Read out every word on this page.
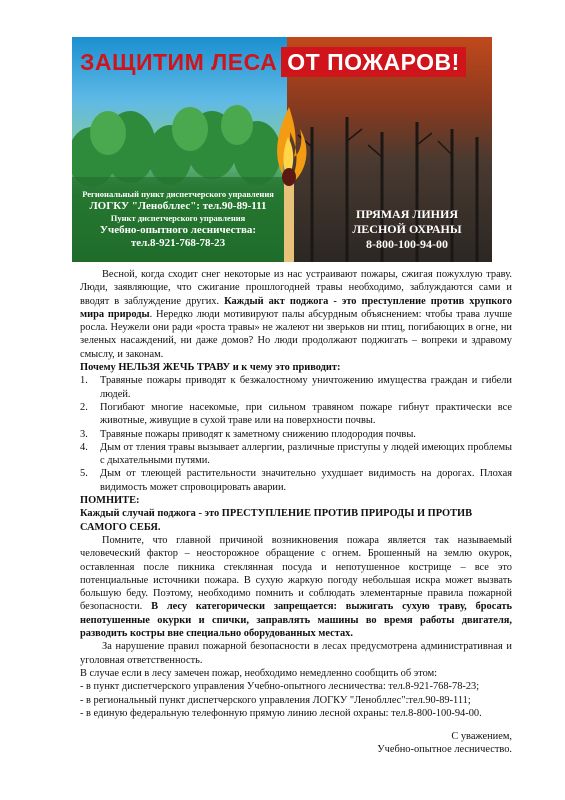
ЗАЩИТИМ ЛЕСА ОТ ПОЖАРОВ!
Региональный пункт диспетчерского управления
ЛОГКУ "Ленобллес": тел.90-89-111
Пункт диспетчерского управления
Учебно-опытного лесничества:
тел.8-921-768-78-23
ПРЯМАЯ ЛИНИЯ
ЛЕСНОЙ ОХРАНЫ
8-800-100-94-00

Весной, когда сходит снег некоторые из нас устраивают пожары, сжигая пожухлую траву. Люди, заявляющие, что сжигание прошлогодней травы необходимо, заблуждаются сами и вводят в заблуждение других. Каждый акт поджога - это преступление против хрупкого мира природы. Нередко люди мотивируют палы абсурдным объяснением: чтобы трава лучше росла. Неужели они ради «роста травы» не жалеют ни зверьков ни птиц, погибающих в огне, ни зеленых насаждений, ни даже домов? Но люди продолжают поджигать – вопреки и здравому смыслу, и законам.

Почему НЕЛЬЗЯ ЖЕЧЬ ТРАВУ и к чему это приводит:

1. Травяные пожары приводят к безжалостному уничтожению имущества граждан и гибели людей.
2. Погибают многие насекомые, при сильном травяном пожаре гибнут практически все животные, живущие в сухой траве или на поверхности почвы.
3. Травяные пожары приводят к заметному снижению плодородия почвы.
4. Дым от тления травы вызывает аллергии, различные приступы у людей имеющих проблемы с дыхательными путями.
5. Дым от тлеющей растительности значительно ухудшает видимость на дорогах. Плохая видимость может спровоцировать аварии.

ПОМНИТЕ:

Каждый случай поджога - это ПРЕСТУПЛЕНИЕ ПРОТИВ ПРИРОДЫ И ПРОТИВ САМОГО СЕБЯ.

Помните, что главной причиной возникновения пожара является так называемый человеческий фактор – неосторожное обращение с огнем. Брошенный на землю окурок, оставленная после пикника стеклянная посуда и непотушенное кострище – все это потенциальные источники пожара. В сухую жаркую погоду небольшая искра может вызвать большую беду. Поэтому, необходимо помнить и соблюдать элементарные правила пожарной безопасности. В лесу категорически запрещается: выжигать сухую траву, бросать непотушенные окурки и спички, заправлять машины во время работы двигателя, разводить костры вне специально оборудованных местах.

За нарушение правил пожарной безопасности в лесах предусмотрена административная и уголовная ответственность.

В случае если в лесу замечен пожар, необходимо немедленно сообщить об этом:

- в пункт диспетчерского управления Учебно-опытного лесничества: тел.8-921-768-78-23;

- в региональный пункт диспетчерского управления ЛОГКУ "Ленобллес":тел.90-89-111;

- в единую федеральную телефонную прямую линию лесной охраны: тел.8-800-100-94-00.

С уважением,
Учебно-опытное лесничество.
